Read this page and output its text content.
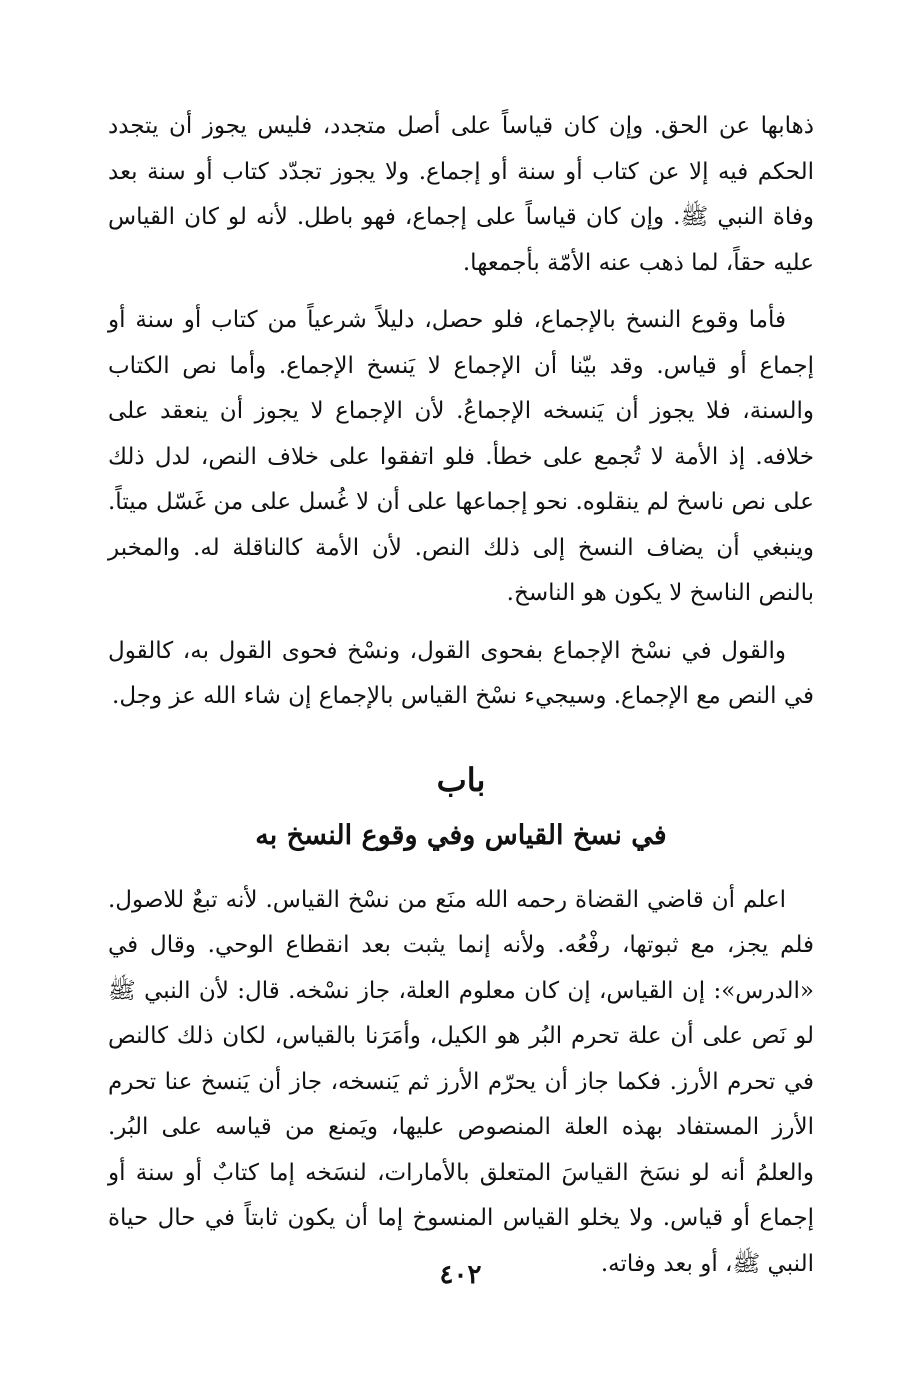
ذهابها عن الحق. وإن كان قياساً على أصل متجدد، فليس يجوز أن يتجدد الحكم فيه إلا عن كتاب أو سنة أو إجماع. ولا يجوز تجدّد كتاب أو سنة بعد وفاة النبي ﷺ. وإن كان قياساً على إجماع، فهو باطل. لأنه لو كان القياس عليه حقاً، لما ذهب عنه الأمّة بأجمعها.

فأما وقوع النسخ بالإجماع، فلو حصل، دليلاً شرعياً من كتاب أو سنة أو إجماع أو قياس. وقد بيّنا أن الإجماع لا يَنسخ الإجماع. وأما نص الكتاب والسنة، فلا يجوز أن يَنسخه الإجماعُ. لأن الإجماع لا يجوز أن ينعقد على خلافه. إذ الأمة لا تُجمع على خطأ. فلو اتفقوا على خلاف النص، لدل ذلك على نص ناسخ لم ينقلوه. نحو إجماعها على أن لا غُسل على من غَسّل ميتاً. وينبغي أن يضاف النسخ إلى ذلك النص. لأن الأمة كالناقلة له. والمخبر بالنص الناسخ لا يكون هو الناسخ.

والقول في نسْخ الإجماع بفحوى القول، ونسْخ فحوى القول به، كالقول في النص مع الإجماع. وسيجيء نسْخ القياس بالإجماع إن شاء الله عز وجل.

باب
في نسخ القياس وفي وقوع النسخ به

اعلم أن قاضي القضاة رحمه الله منَع من نسْخ القياس. لأنه تبعٌ للاصول. فلم يجز، مع ثبوتها، رفْعُه. ولأنه إنما يثبت بعد انقطاع الوحي. وقال في «الدرس»: إن القياس، إن كان معلوم العلة، جاز نسْخه. قال: لأن النبي ﷺ لو نَص على أن علة تحرم البُر هو الكيل، وأمَرَنا بالقياس، لكان ذلك كالنص في تحرم الأرز. فكما جاز أن يحرّم الأرز ثم يَنسخه، جاز أن يَنسخ عنا تحرم الأرز المستفاد بهذه العلة المنصوص عليها، ويَمنع من قياسه على البُر. والعلمُ أنه لو نسَخ القياسَ المتعلق بالأمارات، لنسَخه إما كتابٌ أو سنة أو إجماع أو قياس. ولا يخلو القياس المنسوخ إما أن يكون ثابتاً في حال حياة النبي ﷺ، أو بعد وفاته.

٤٠٢
